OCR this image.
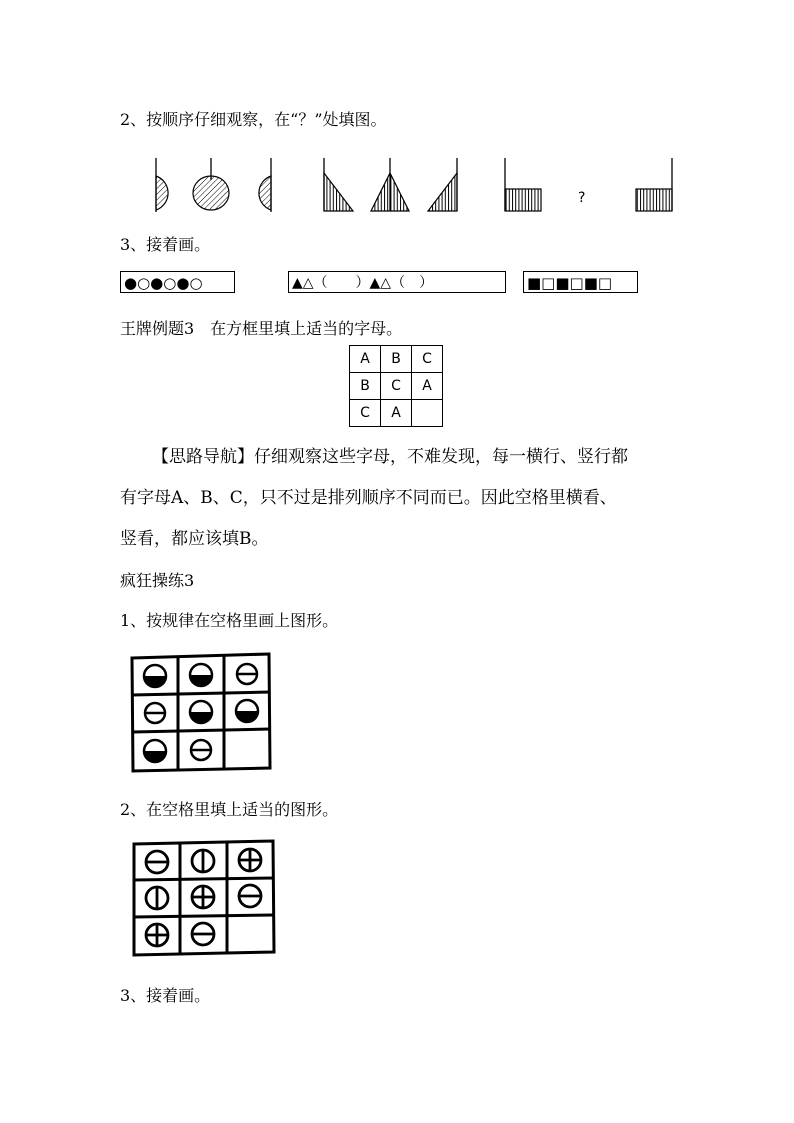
2、按顺序仔细观察，在“？”处填图。
?
3、接着画。
●○●○●○	▲△（　　）▲△（　）	■□■□■□
王牌例题3　在方框里填上适当的字母。
A	B	C
B	C	A
C	A	
【思路导航】仔细观察这些字母，不难发现，每一横行、竖行都
有字母A、B、C，只不过是排列顺序不同而已。因此空格里横看、
竖看，都应该填B。
疯狂操练3
1、按规律在空格里画上图形。
2、在空格里填上适当的图形。
3、接着画。
